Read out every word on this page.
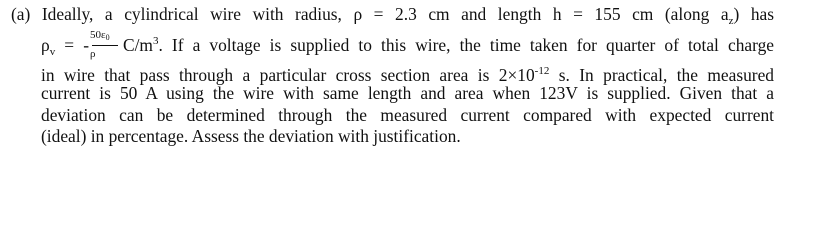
(a) Ideally, a cylindrical wire with radius, ρ = 2.3 cm and length h = 155 cm (along $a_z$) has
$\rho_v$ = - $\frac{50\varepsilon_0}{\rho} C/m^3$. If a voltage is supplied to this wire, the time taken for quarter of total charge
in wire that pass through a particular cross section area is $2\times 10^{-12}$ s. In practical, the measured
current is 50 A using the wire with same length and area when 123V is supplied. Given that a
deviation can be determined through the measured current compared with expected current
(ideal) in percentage. Assess the deviation with justification.
